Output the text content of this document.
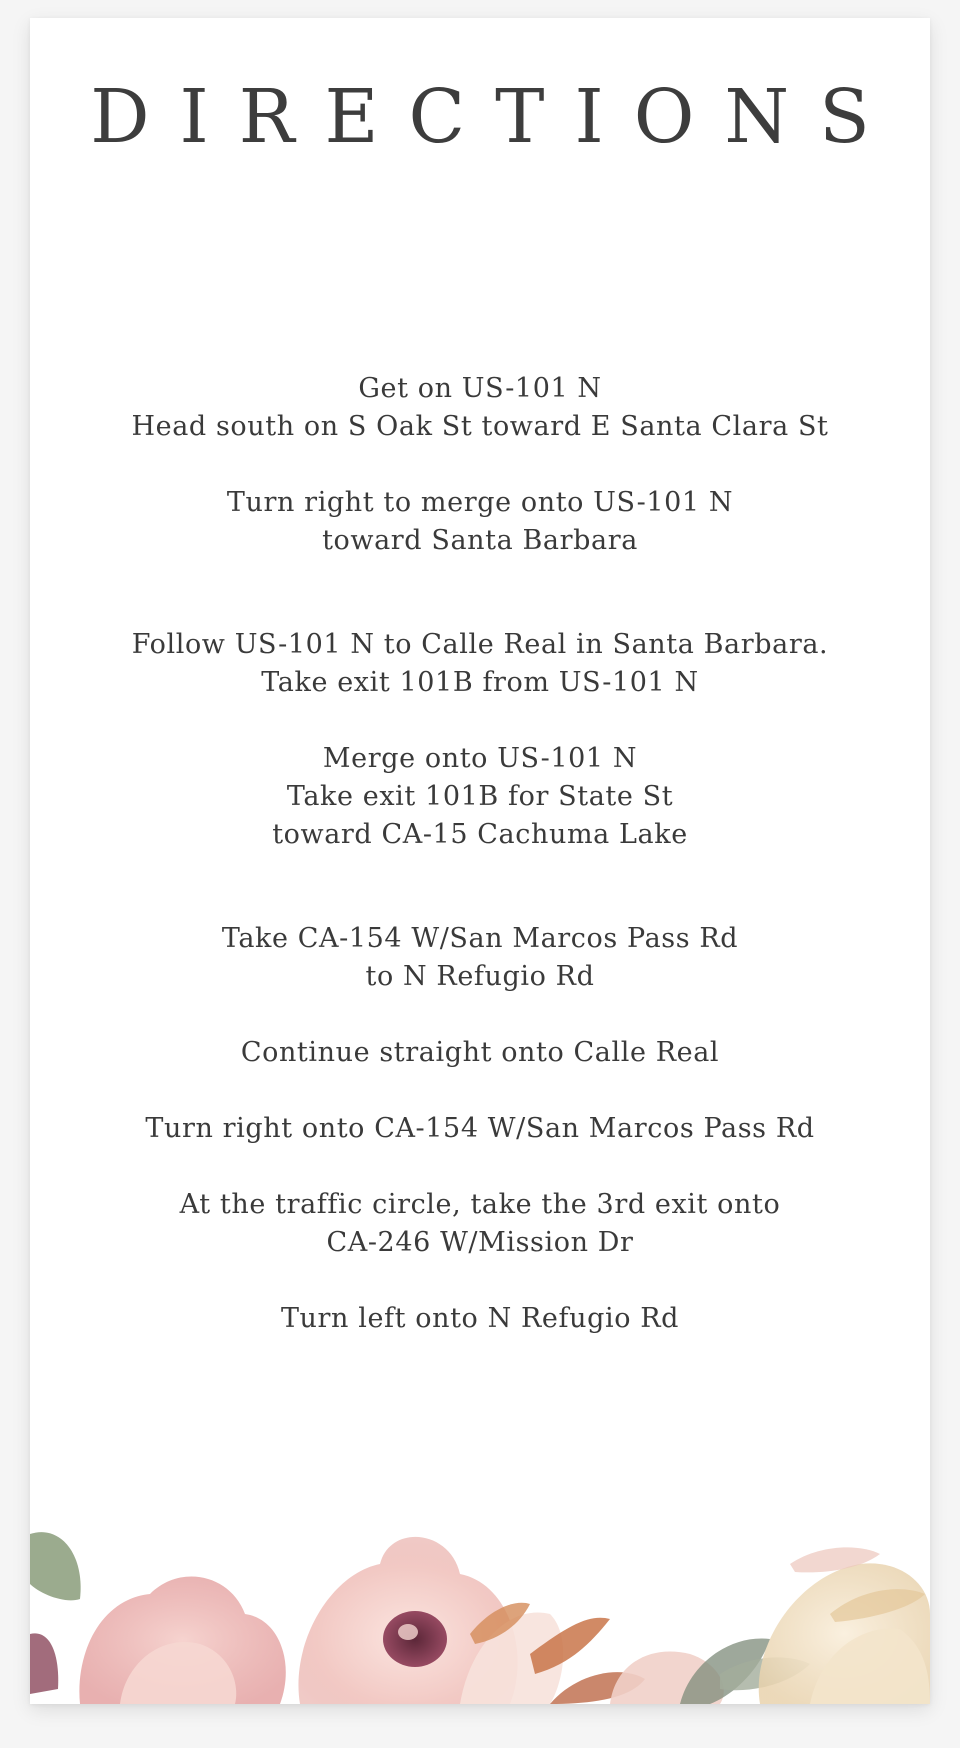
DIRECTIONS
Get on US-101 N
Head south on S Oak St toward E Santa Clara St
Turn right to merge onto US-101 N
toward Santa Barbara
Follow US-101 N to Calle Real in Santa Barbara.
Take exit 101B from US-101 N
Merge onto US-101 N
Take exit 101B for State St
toward CA-15 Cachuma Lake
Take CA-154 W/San Marcos Pass Rd
to N Refugio Rd
Continue straight onto Calle Real
Turn right onto CA-154 W/San Marcos Pass Rd
At the traffic circle, take the 3rd exit onto
CA-246 W/Mission Dr
Turn left onto N Refugio Rd
